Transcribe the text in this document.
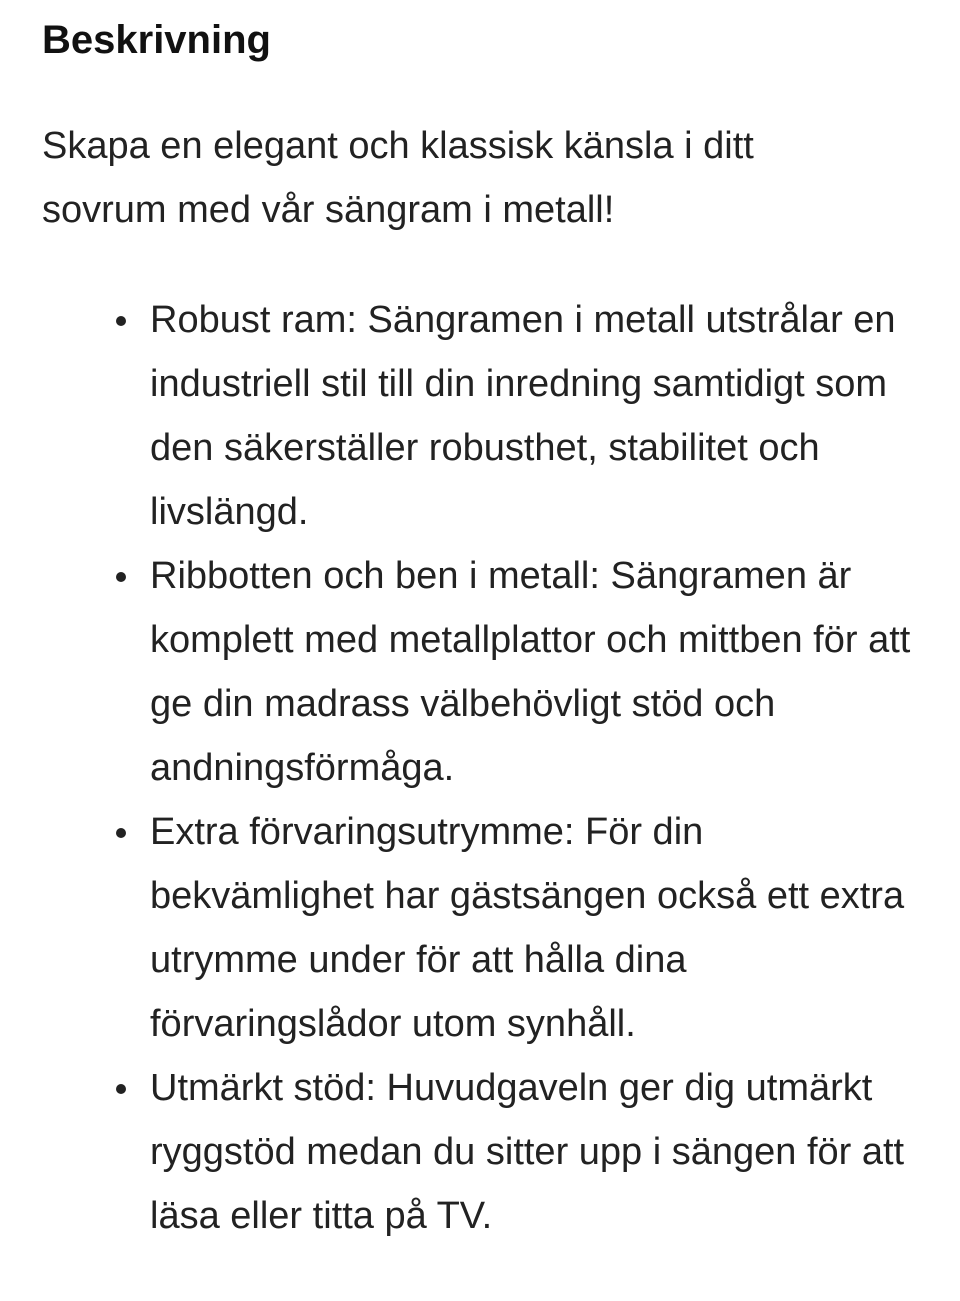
Beskrivning

Skapa en elegant och klassisk känsla i ditt sovrum med vår sängram i metall!

Robust ram: Sängramen i metall utstrålar en industriell stil till din inredning samtidigt som den säkerställer robusthet, stabilitet och livslängd.
Ribbotten och ben i metall: Sängramen är komplett med metallplattor och mittben för att ge din madrass välbehövligt stöd och andningsförmåga.
Extra förvaringsutrymme: För din bekvämlighet har gästsängen också ett extra utrymme under för att hålla dina förvaringslådor utom synhåll.
Utmärkt stöd: Huvudgaveln ger dig utmärkt ryggstöd medan du sitter upp i sängen för att läsa eller titta på TV.
